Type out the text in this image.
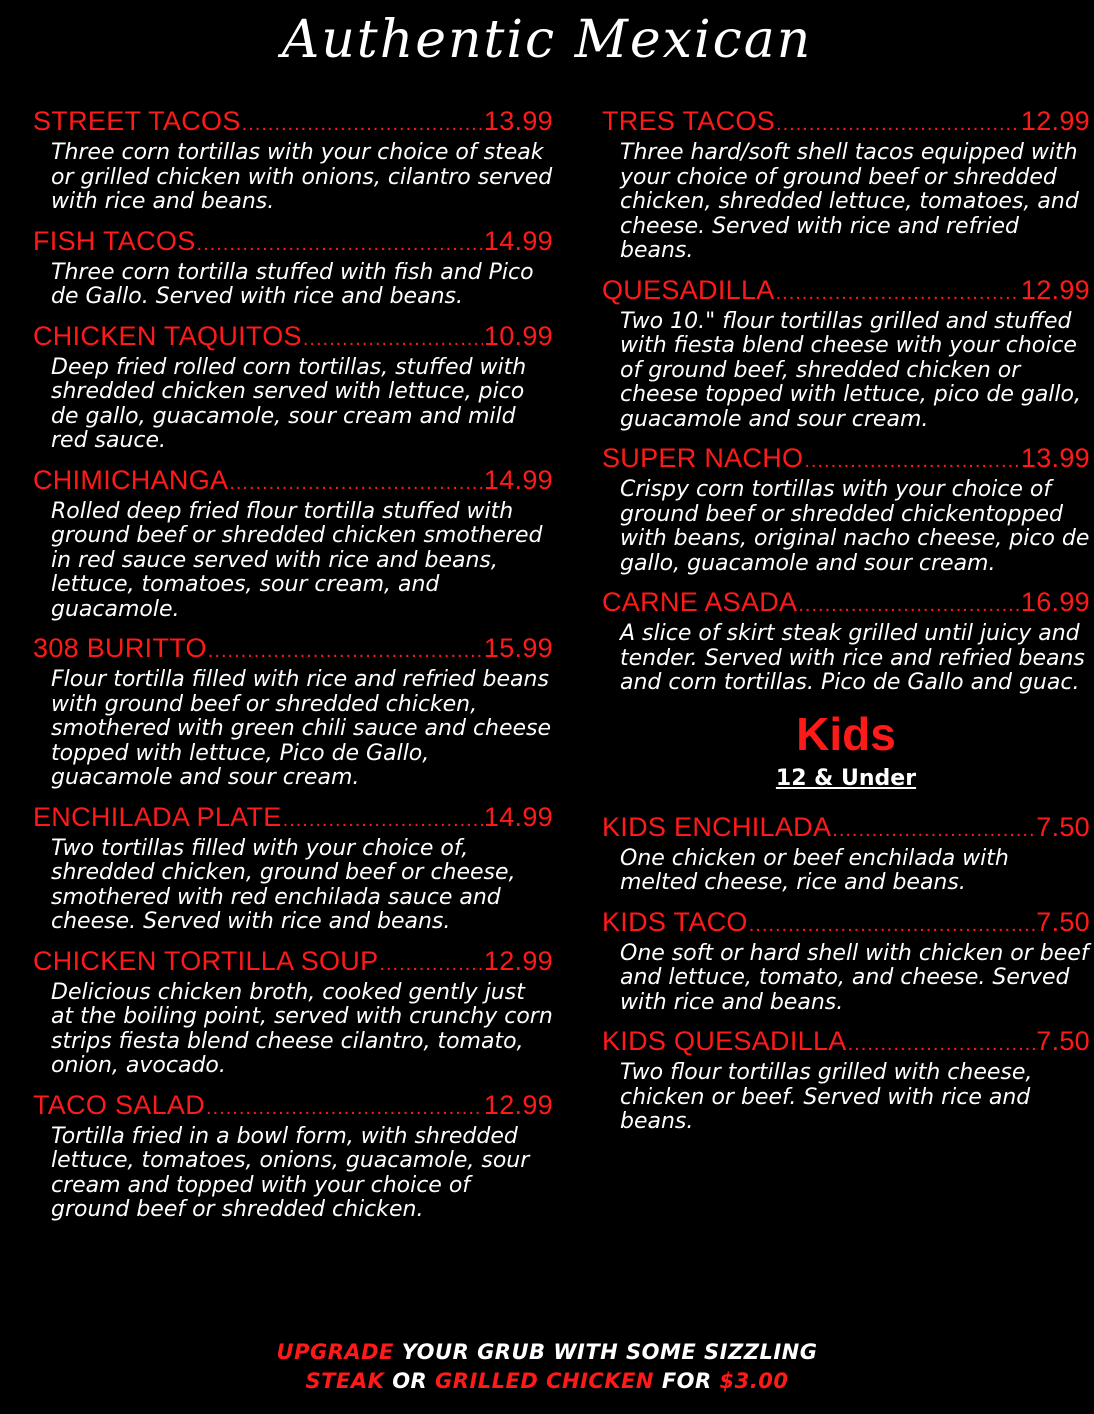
Authentic Mexican
STREET TACOS .....	13.99
Three corn tortillas with your choice of steak or grilled chicken with onions, cilantro served with rice and beans.
FISH TACOS .....	14.99
Three corn tortilla stuffed with fish and Pico de Gallo. Served with rice and beans.
CHICKEN TAQUITOS .....	10.99
Deep fried rolled corn tortillas, stuffed with shredded chicken served with lettuce, pico de gallo, guacamole, sour cream and mild red sauce.
CHIMICHANGA .....	14.99
Rolled deep fried flour tortilla stuffed with ground beef or shredded chicken smothered in red sauce served with rice and beans, lettuce, tomatoes, sour cream, and guacamole.
308 BURITTO .....	15.99
Flour tortilla filled with rice and refried beans with ground beef or shredded chicken, smothered with green chili sauce and cheese topped with lettuce, Pico de Gallo, guacamole and sour cream.
ENCHILADA PLATE .....	14.99
Two tortillas filled with your choice of, shredded chicken, ground beef or cheese, smothered with red enchilada sauce and cheese. Served with rice and beans.
CHICKEN TORTILLA SOUP .....	12.99
Delicious chicken broth, cooked gently just at the boiling point, served with crunchy corn strips fiesta blend cheese cilantro, tomato, onion, avocado.
TACO SALAD .....	12.99
Tortilla fried in a bowl form, with shredded lettuce, tomatoes, onions, guacamole, sour cream and topped with your choice of ground beef or shredded chicken.
TRES TACOS .....	12.99
Three hard/soft shell tacos equipped with your choice of ground beef or shredded chicken, shredded lettuce, tomatoes, and cheese. Served with rice and refried beans.
QUESADILLA .....	12.99
Two 10." flour tortillas grilled and stuffed with fiesta blend cheese with your choice of ground beef, shredded chicken or cheese topped with lettuce, pico de gallo, guacamole and sour cream.
SUPER NACHO .....	13.99
Crispy corn tortillas with your choice of ground beef or shredded chickentopped with beans, original nacho cheese, pico de gallo, guacamole and sour cream.
CARNE ASADA .....	16.99
A slice of skirt steak grilled until juicy and tender. Served with rice and refried beans and corn tortillas. Pico de Gallo and guac.
Kids
12 & Under
KIDS ENCHILADA .....	7.50
One chicken or beef enchilada with melted cheese, rice and beans.
KIDS TACO .....	7.50
One soft or hard shell with chicken or beef and lettuce, tomato, and cheese. Served with rice and beans.
KIDS QUESADILLA .....	7.50
Two flour tortillas grilled with cheese, chicken or beef. Served with rice and beans.
UPGRADE YOUR GRUB WITH SOME SIZZLING
STEAK OR GRILLED CHICKEN FOR $3.00
